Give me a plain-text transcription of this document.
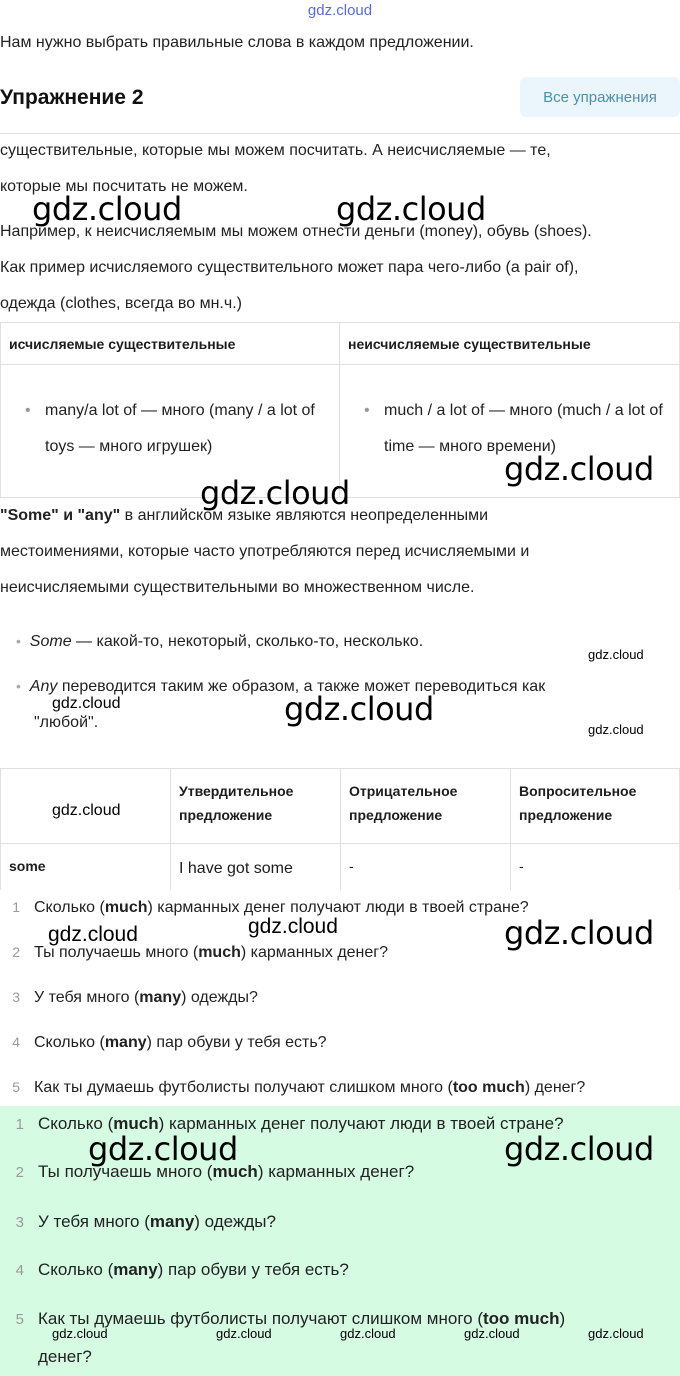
gdz.cloud
Нам нужно выбрать правильные слова в каждом предложении.
Упражнение 2	Все упражнения
существительные, которые мы можем посчитать. А неисчисляемые — те,
которые мы посчитать не можем.
Например, к неисчисляемым мы можем отнести деньги (money), обувь (shoes).
Как пример исчисляемого существительного может пара чего-либо (a pair of),
одежда (clothes, всегда во мн.ч.)
исчисляемые существительные	неисчисляемые существительные

• many/a lot of — много (many / a lot of toys — много игрушек)	• much / a lot of — много (much / a lot of time — много времени)
"Some" и "any" в английском языке являются неопределенными
местоимениями, которые часто употребляются перед исчисляемыми и
неисчисляемыми существительными во множественном числе.
• Some — какой-то, некоторый, сколько-то, несколько.
• Any переводится таким же образом, а также может переводиться как
"любой".
	Утвердительное предложение	Отрицательное предложение	Вопросительное предложение
some	I have got some	-	-
1 Сколько (much) карманных денег получают люди в твоей стране?
2 Ты получаешь много (much) карманных денег?
3 У тебя много (many) одежды?
4 Сколько (many) пар обуви у тебя есть?
5 Как ты думаешь футболисты получают слишком много (too much) денег?
1 Сколько (much) карманных денег получают люди в твоей стране?
2 Ты получаешь много (much) карманных денег?
3 У тебя много (many) одежды?
4 Сколько (many) пар обуви у тебя есть?
5 Как ты думаешь футболисты получают слишком много (too much)
денег?
gdz.cloud	gdz.cloud
gdz.cloud
gdz.cloud
gdz.cloud
gdz.cloud	gdz.cloud
gdz.cloud
gdz.cloud
gdz.cloud	gdz.cloud	gdz.cloud
gdz.cloud	gdz.cloud
gdz.cloud	gdz.cloud	gdz.cloud	gdz.cloud	gdz.cloud
